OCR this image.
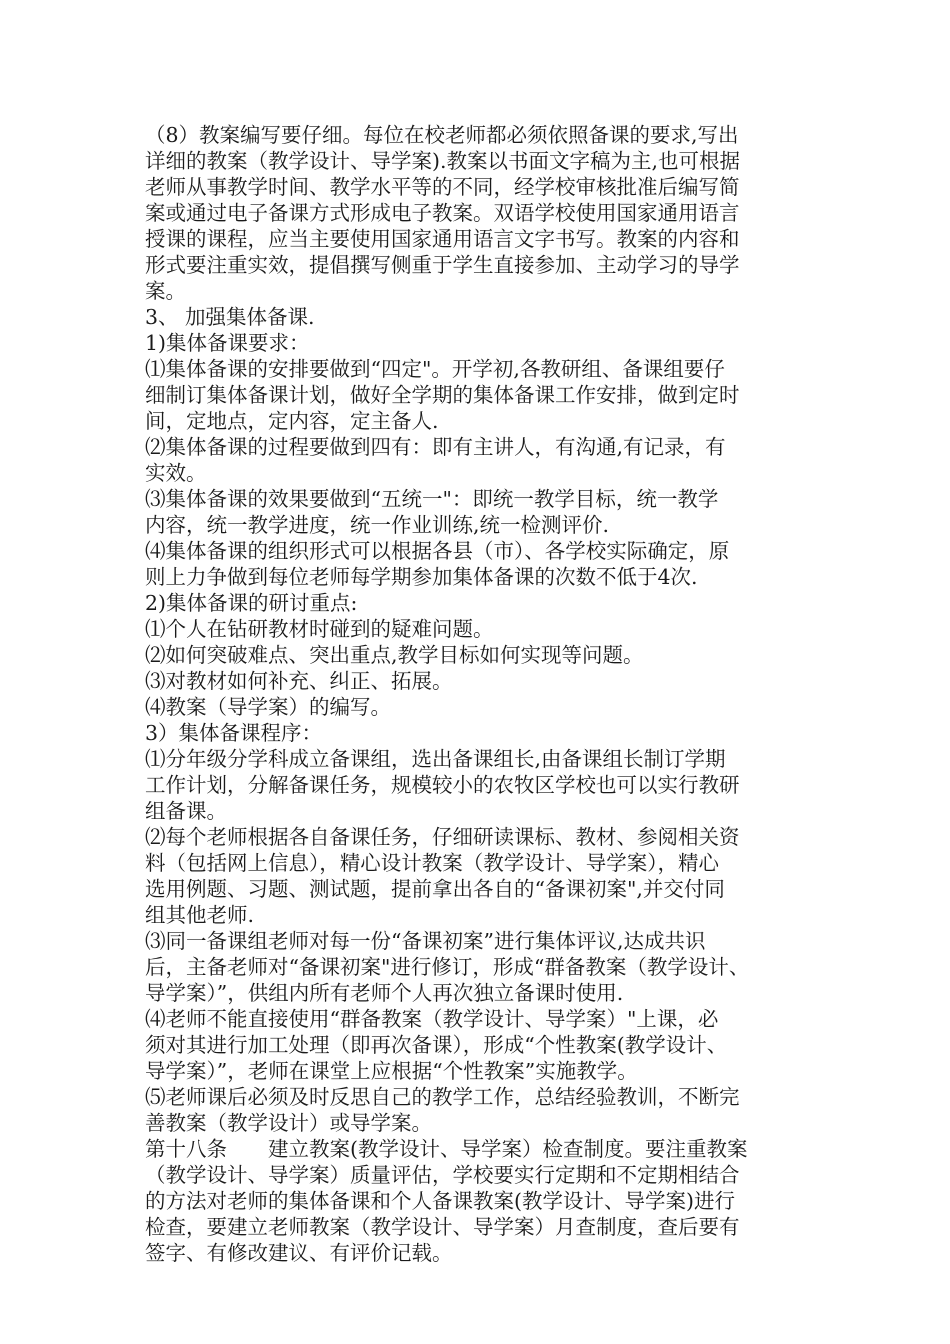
（8）教案编写要仔细。每位在校老师都必须依照备课的要求,写出
详细的教案（教学设计、导学案).教案以书面文字稿为主,也可根据
老师从事教学时间、教学水平等的不同，经学校审核批准后编写简
案或通过电子备课方式形成电子教案。双语学校使用国家通用语言
授课的课程，应当主要使用国家通用语言文字书写。教案的内容和
形式要注重实效，提倡撰写侧重于学生直接参加、主动学习的导学
案。
3、 加强集体备课.
1)集体备课要求：
⑴集体备课的安排要做到“四定"。开学初,各教研组、备课组要仔
细制订集体备课计划，做好全学期的集体备课工作安排，做到定时
间，定地点，定内容，定主备人.
⑵集体备课的过程要做到四有：即有主讲人，有沟通,有记录，有
实效。
⑶集体备课的效果要做到“五统一"：即统一教学目标，统一教学
内容，统一教学进度，统一作业训练,统一检测评价.
⑷集体备课的组织形式可以根据各县（市）、各学校实际确定，原
则上力争做到每位老师每学期参加集体备课的次数不低于4次.
2)集体备课的研讨重点:
⑴个人在钻研教材时碰到的疑难问题。
⑵如何突破难点、突出重点,教学目标如何实现等问题。
⑶对教材如何补充、纠正、拓展。
⑷教案（导学案）的编写。
3）集体备课程序：
⑴分年级分学科成立备课组，选出备课组长,由备课组长制订学期
工作计划，分解备课任务，规模较小的农牧区学校也可以实行教研
组备课。
⑵每个老师根据各自备课任务，仔细研读课标、教材、参阅相关资
料（包括网上信息），精心设计教案（教学设计、导学案），精心
选用例题、习题、测试题，提前拿出各自的“备课初案",并交付同
组其他老师.
⑶同一备课组老师对每一份“备课初案”进行集体评议,达成共识
后，主备老师对“备课初案"进行修订，形成“群备教案（教学设计、
导学案）”，供组内所有老师个人再次独立备课时使用.
⑷老师不能直接使用“群备教案（教学设计、导学案）"上课，必
须对其进行加工处理（即再次备课），形成“个性教案(教学设计、
导学案）”，老师在课堂上应根据“个性教案”实施教学。
⑸老师课后必须及时反思自己的教学工作，总结经验教训，不断完
善教案（教学设计）或导学案。
第十八条　　建立教案(教学设计、导学案）检查制度。要注重教案
（教学设计、导学案）质量评估，学校要实行定期和不定期相结合
的方法对老师的集体备课和个人备课教案(教学设计、导学案)进行
检查，要建立老师教案（教学设计、导学案）月查制度，查后要有
签字、有修改建议、有评价记载。
